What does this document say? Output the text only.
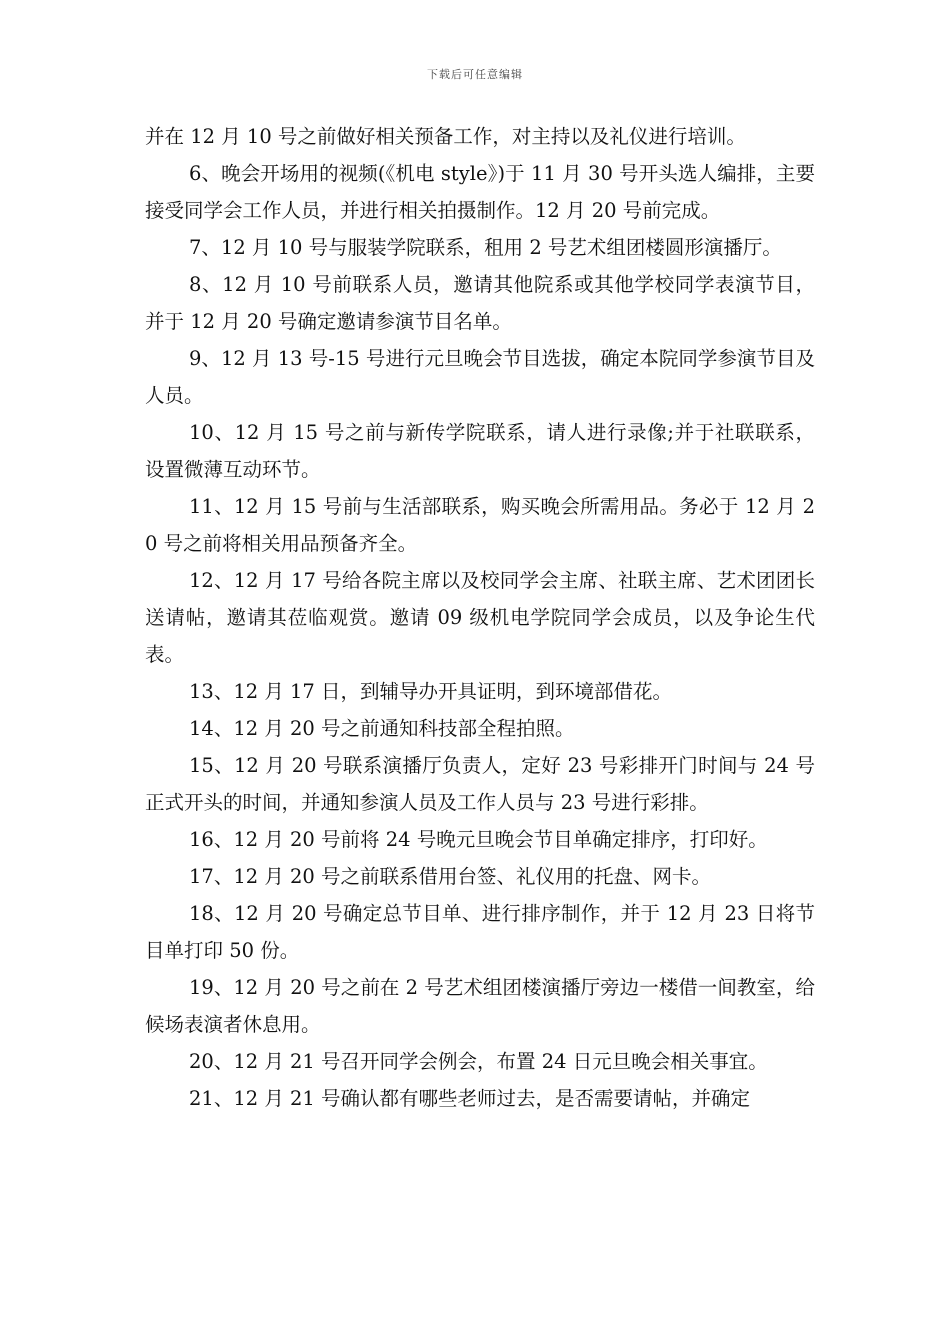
下载后可任意编辑

并在 12 月 10 号之前做好相关预备工作，对主持以及礼仪进行培训。

6、晚会开场用的视频(《机电 style》)于 11 月 30 号开头选人编排，主要接受同学会工作人员，并进行相关拍摄制作。12 月 20 号前完成。

7、12 月 10 号与服装学院联系，租用 2 号艺术组团楼圆形演播厅。

8、12 月 10 号前联系人员，邀请其他院系或其他学校同学表演节目，并于 12 月 20 号确定邀请参演节目名单。

9、12 月 13 号-15 号进行元旦晚会节目选拔，确定本院同学参演节目及人员。

10、12 月 15 号之前与新传学院联系，请人进行录像;并于社联联系，设置微薄互动环节。

11、12 月 15 号前与生活部联系，购买晚会所需用品。务必于 12 月 20 号之前将相关用品预备齐全。

12、12 月 17 号给各院主席以及校同学会主席、社联主席、艺术团团长送请帖，邀请其莅临观赏。邀请 09 级机电学院同学会成员，以及争论生代表。

13、12 月 17 日，到辅导办开具证明，到环境部借花。

14、12 月 20 号之前通知科技部全程拍照。

15、12 月 20 号联系演播厅负责人，定好 23 号彩排开门时间与 24 号正式开头的时间，并通知参演人员及工作人员与 23 号进行彩排。

16、12 月 20 号前将 24 号晚元旦晚会节目单确定排序，打印好。

17、12 月 20 号之前联系借用台签、礼仪用的托盘、网卡。

18、12 月 20 号确定总节目单、进行排序制作，并于 12 月 23 日将节目单打印 50 份。

19、12 月 20 号之前在 2 号艺术组团楼演播厅旁边一楼借一间教室，给候场表演者休息用。

20、12 月 21 号召开同学会例会，布置 24 日元旦晚会相关事宜。

21、12 月 21 号确认都有哪些老师过去，是否需要请帖，并确定
